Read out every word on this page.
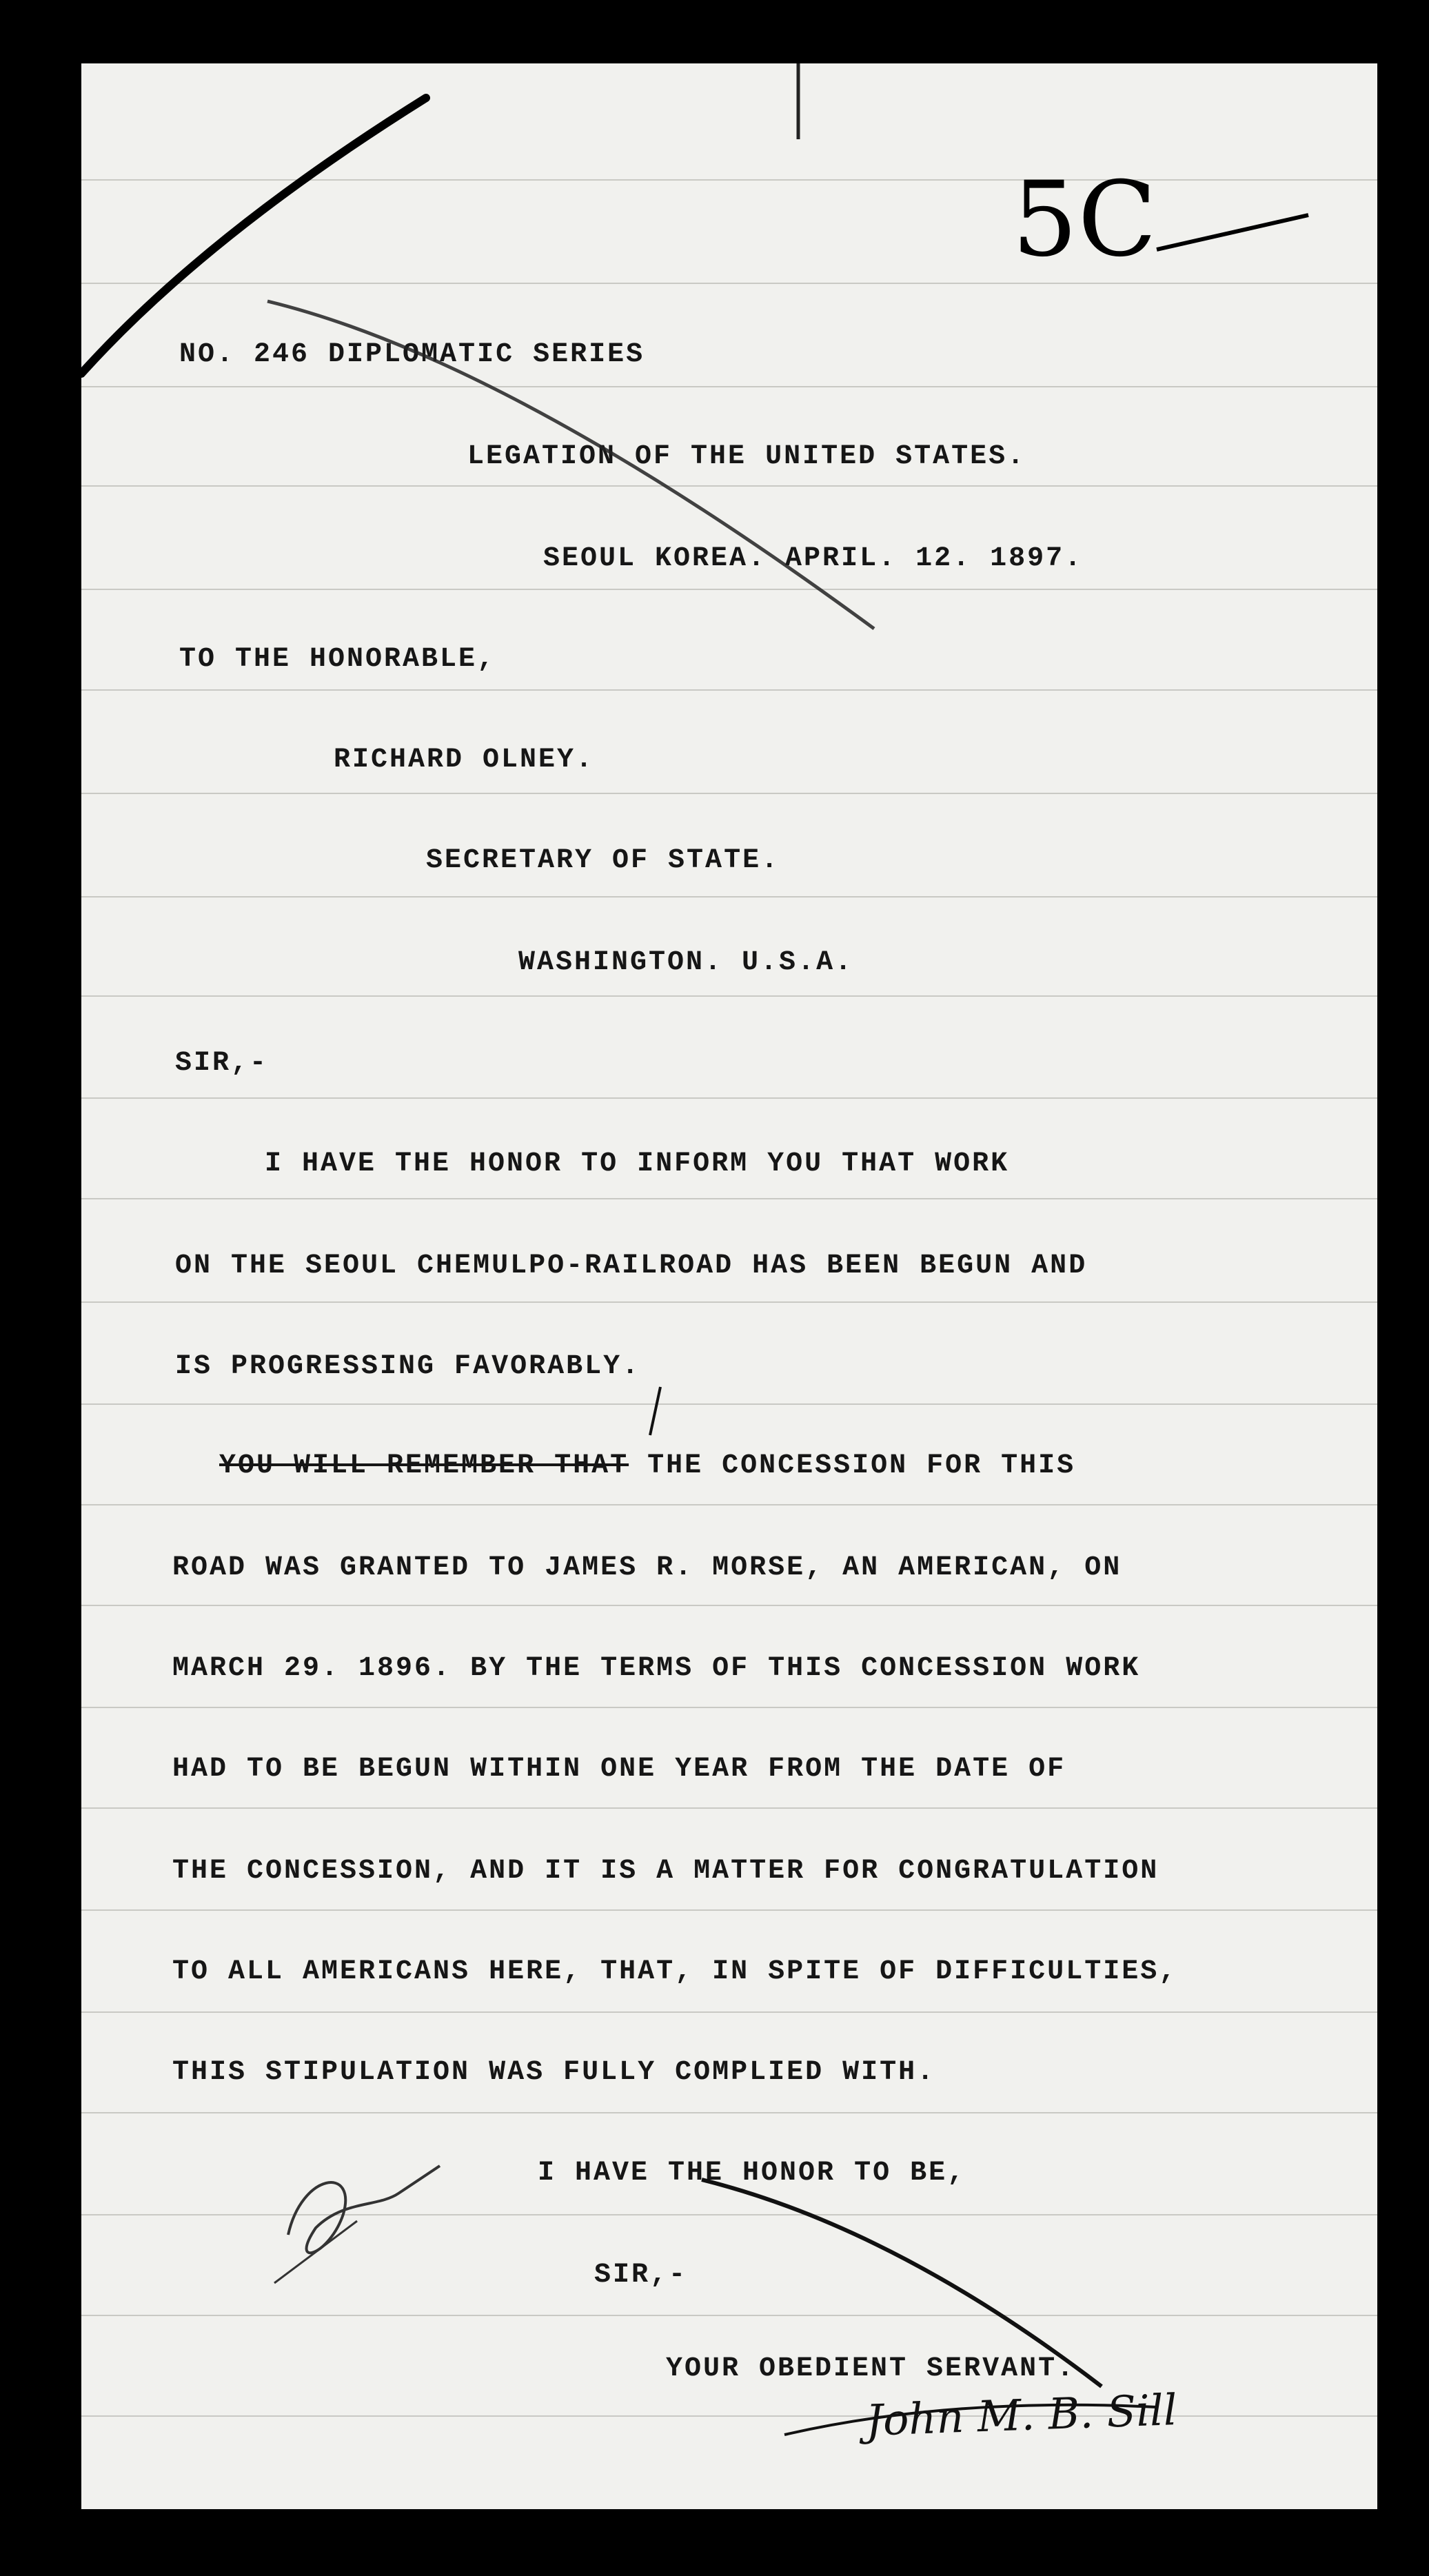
5C
NO. 246 DIPLOMATIC SERIES
LEGATION OF THE UNITED STATES.
SEOUL KOREA. APRIL. 12. 1897.
TO THE HONORABLE,
RICHARD OLNEY.
SECRETARY OF STATE.
WASHINGTON. U.S.A.
SIR,-
I HAVE THE HONOR TO INFORM YOU THAT WORK
ON THE SEOUL CHEMULPO-RAILROAD HAS BEEN BEGUN AND
IS PROGRESSING FAVORABLY.
YOU WILL REMEMBER THAT THE CONCESSION FOR THIS
ROAD WAS GRANTED TO JAMES R. MORSE, AN AMERICAN, ON
MARCH 29. 1896. BY THE TERMS OF THIS CONCESSION WORK
HAD TO BE BEGUN WITHIN ONE YEAR FROM THE DATE OF
THE CONCESSION, AND IT IS A MATTER FOR CONGRATULATION
TO ALL AMERICANS HERE, THAT, IN SPITE OF DIFFICULTIES,
THIS STIPULATION WAS FULLY COMPLIED WITH.
I HAVE THE HONOR TO BE,
SIR,-
YOUR OBEDIENT SERVANT.
John M. B. Sill
